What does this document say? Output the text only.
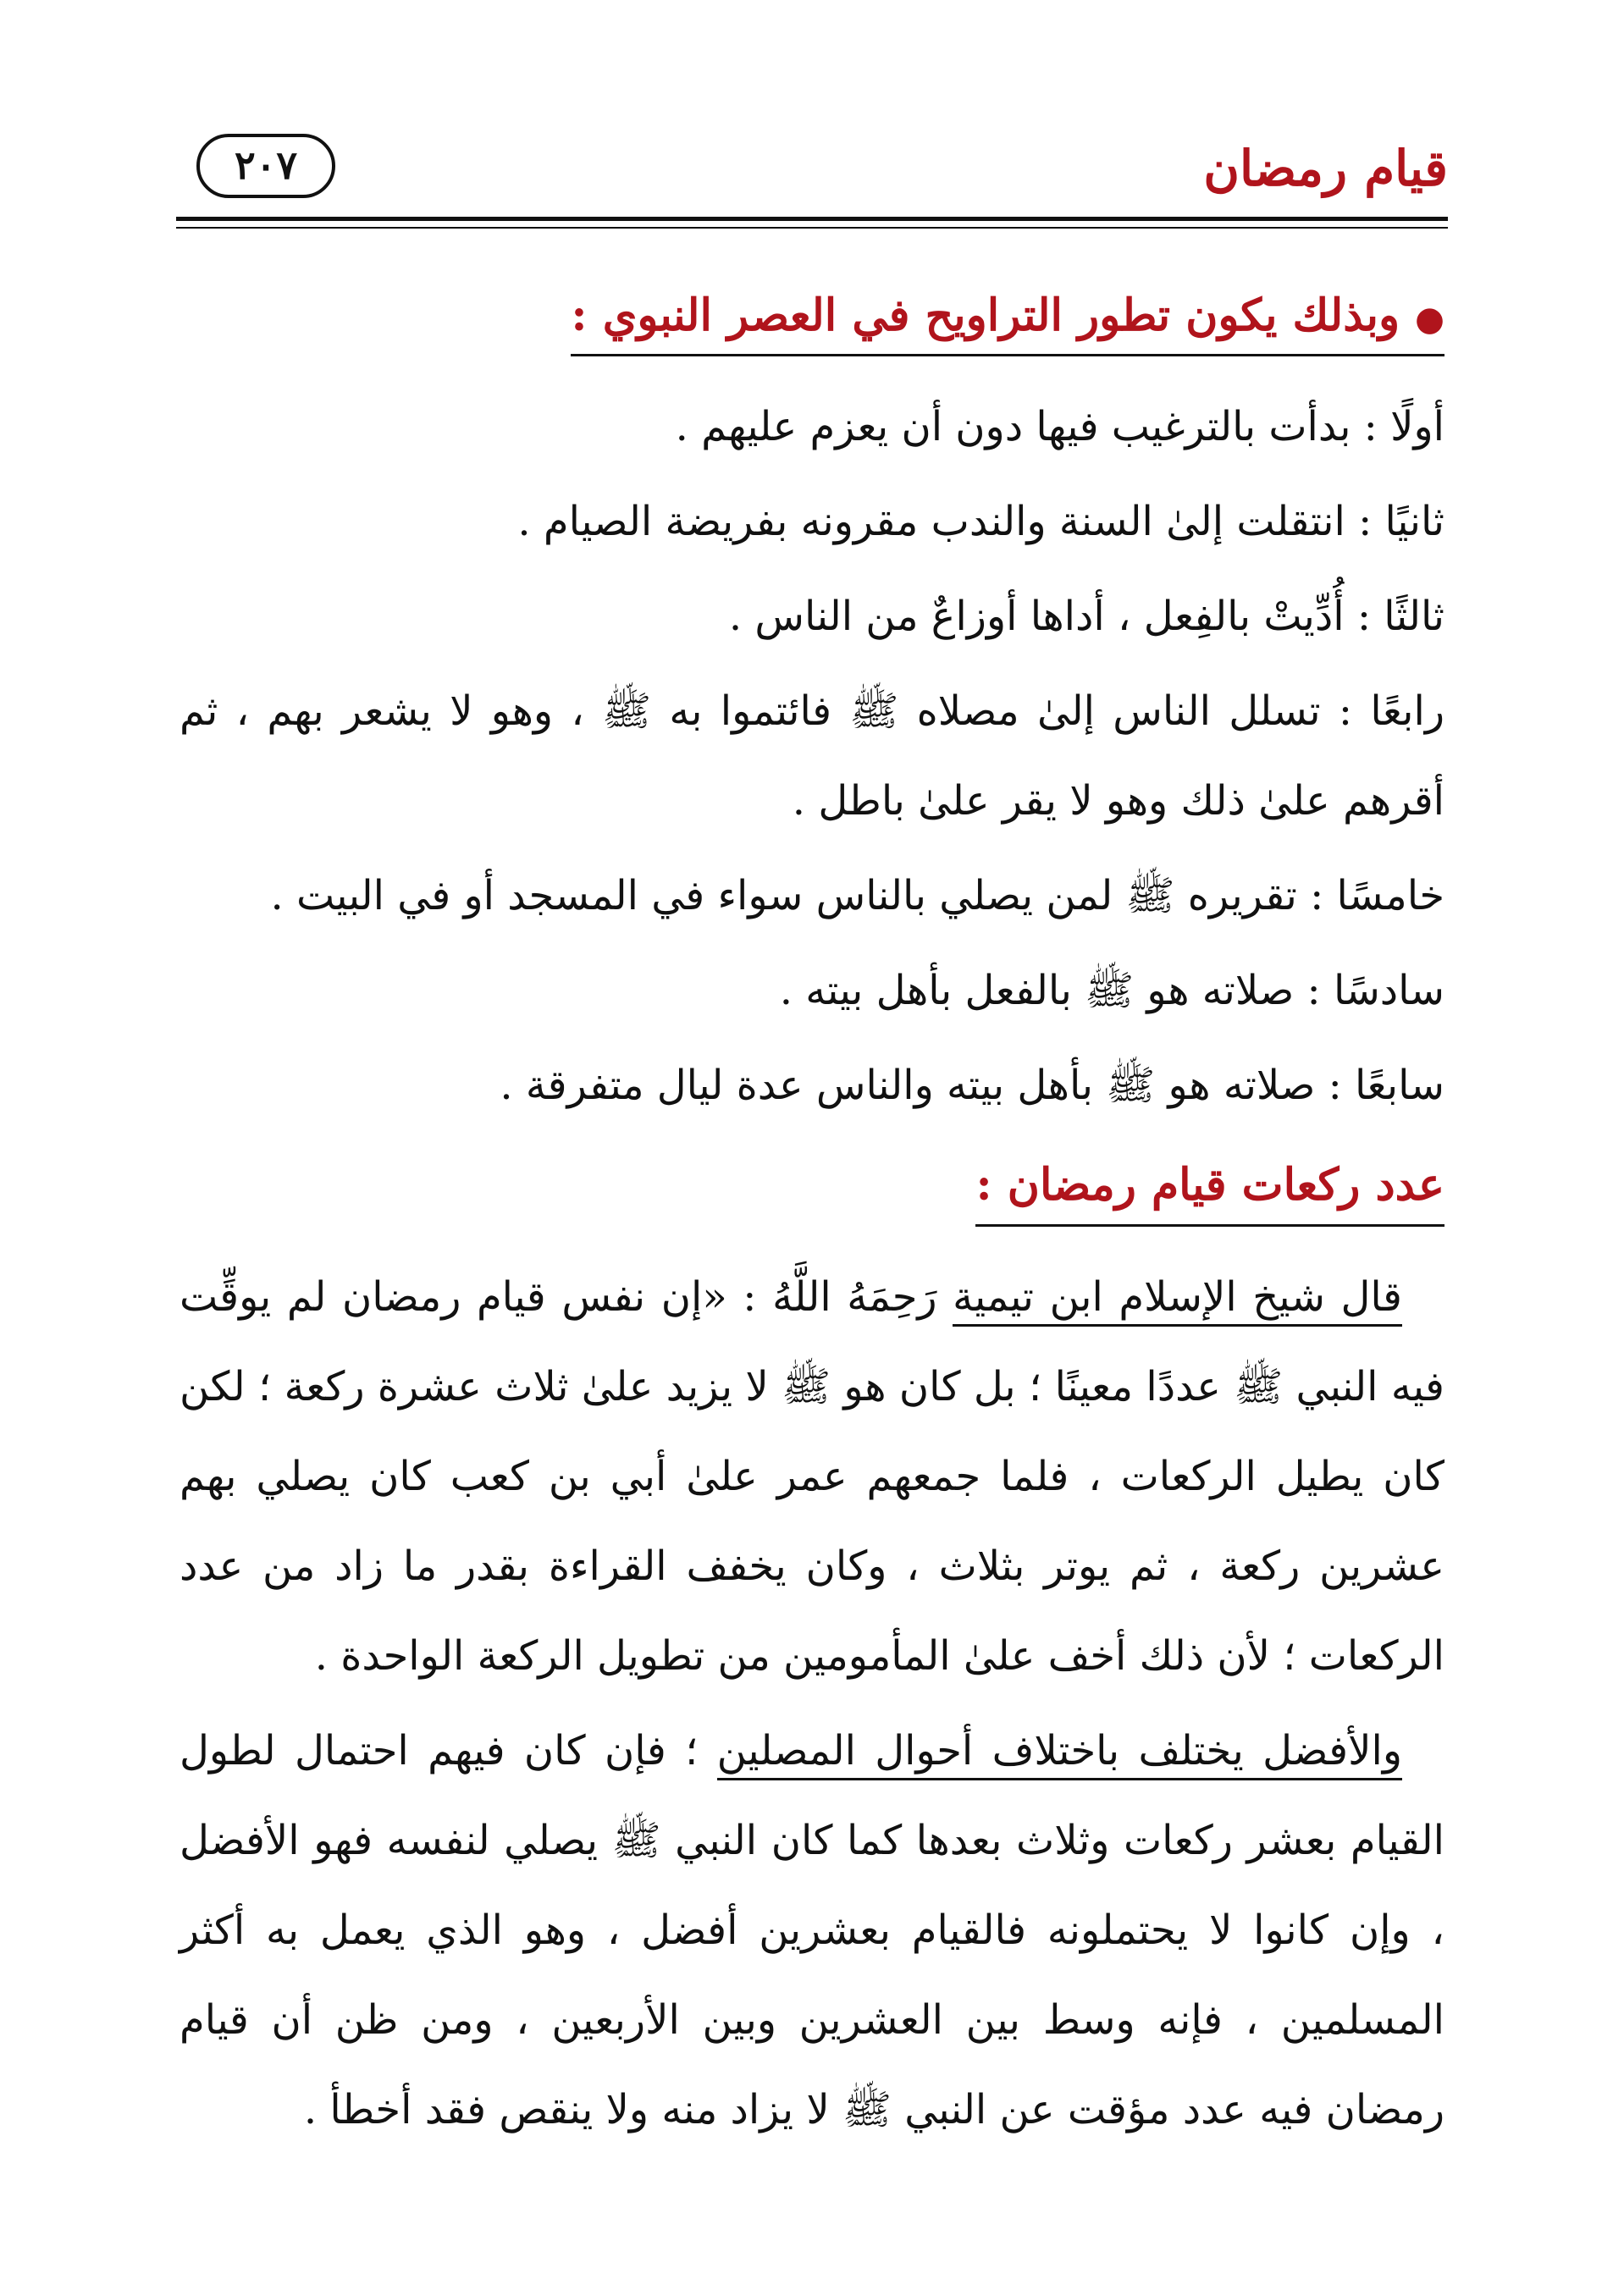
قيام رمضان
٢٠٧
●وبذلك يكون تطور التراويح في العصر النبوي :

أولًا : بدأت بالترغيب فيها دون أن يعزم عليهم .

ثانيًا : انتقلت إلىٰ السنة والندب مقرونه بفريضة الصيام .

ثالثًا : أُدِّيتْ بالفِعل ، أداها أوزاعٌ من الناس .

رابعًا : تسلل الناس إلىٰ مصلاه ﷺ فائتموا به ﷺ ، وهو لا يشعر بهم ، ثم أقرهم علىٰ ذلك وهو لا يقر علىٰ باطل .

خامسًا : تقريره ﷺ لمن يصلي بالناس سواء في المسجد أو في البيت .

سادسًا : صلاته هو ﷺ بالفعل بأهل بيته .

سابعًا : صلاته هو ﷺ بأهل بيته والناس عدة ليال متفرقة .

عدد ركعات قيام رمضان :

قال شيخ الإسلام ابن تيمية رَحِمَهُ اللَّهُ : «إن نفس قيام رمضان لم يوقِّت فيه النبي ﷺ عددًا معينًا ؛ بل كان هو ﷺ لا يزيد علىٰ ثلاث عشرة ركعة ؛ لكن كان يطيل الركعات ، فلما جمعهم عمر علىٰ أبي بن كعب كان يصلي بهم عشرين ركعة ، ثم يوتر بثلاث ، وكان يخفف القراءة بقدر ما زاد من عدد الركعات ؛ لأن ذلك أخف علىٰ المأمومين من تطويل الركعة الواحدة .

والأفضل يختلف باختلاف أحوال المصلين ؛ فإن كان فيهم احتمال لطول القيام بعشر ركعات وثلاث بعدها كما كان النبي ﷺ يصلي لنفسه فهو الأفضل ، وإن كانوا لا يحتملونه فالقيام بعشرين أفضل ، وهو الذي يعمل به أكثر المسلمين ، فإنه وسط بين العشرين وبين الأربعين ، ومن ظن أن قيام رمضان فيه عدد مؤقت عن النبي ﷺ لا يزاد منه ولا ينقص فقد أخطأ .
